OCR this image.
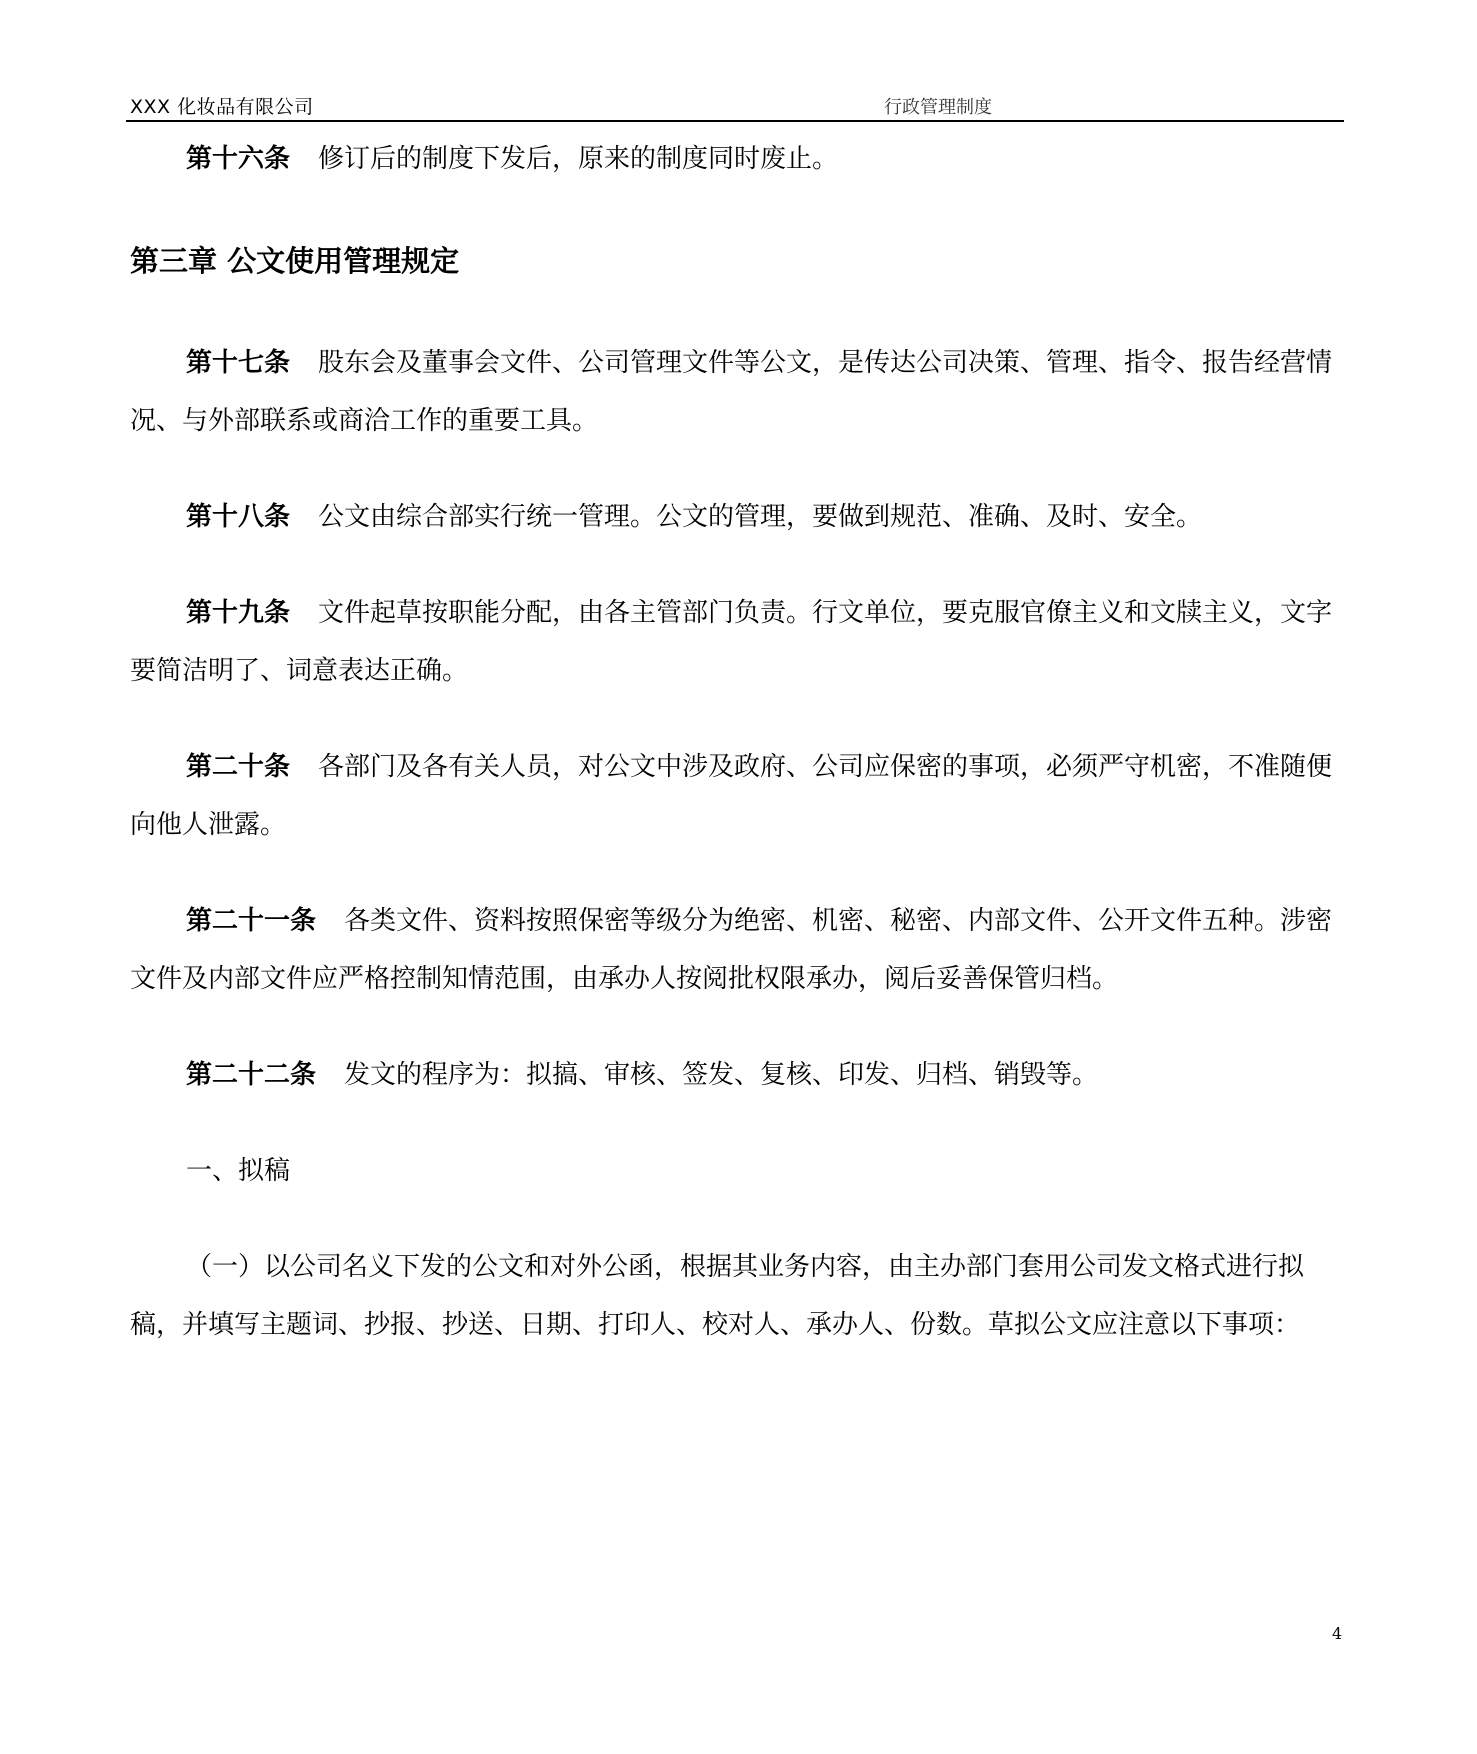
XXX 化妆品有限公司	行政管理制度

第十六条 修订后的制度下发后，原来的制度同时废止。

第三章 公文使用管理规定

第十七条 股东会及董事会文件、公司管理文件等公文，是传达公司决策、管理、指令、报告经营情况、与外部联系或商洽工作的重要工具。

第十八条 公文由综合部实行统一管理。公文的管理，要做到规范、准确、及时、安全。

第十九条 文件起草按职能分配，由各主管部门负责。行文单位，要克服官僚主义和文牍主义，文字要简洁明了、词意表达正确。

第二十条 各部门及各有关人员，对公文中涉及政府、公司应保密的事项，必须严守机密，不准随便向他人泄露。

第二十一条 各类文件、资料按照保密等级分为绝密、机密、秘密、内部文件、公开文件五种。涉密文件及内部文件应严格控制知情范围，由承办人按阅批权限承办，阅后妥善保管归档。

第二十二条 发文的程序为：拟搞、审核、签发、复核、印发、归档、销毁等。

一、拟稿

（一）以公司名义下发的公文和对外公函，根据其业务内容，由主办部门套用公司发文格式进行拟稿，并填写主题词、抄报、抄送、日期、打印人、校对人、承办人、份数。草拟公文应注意以下事项：

4
